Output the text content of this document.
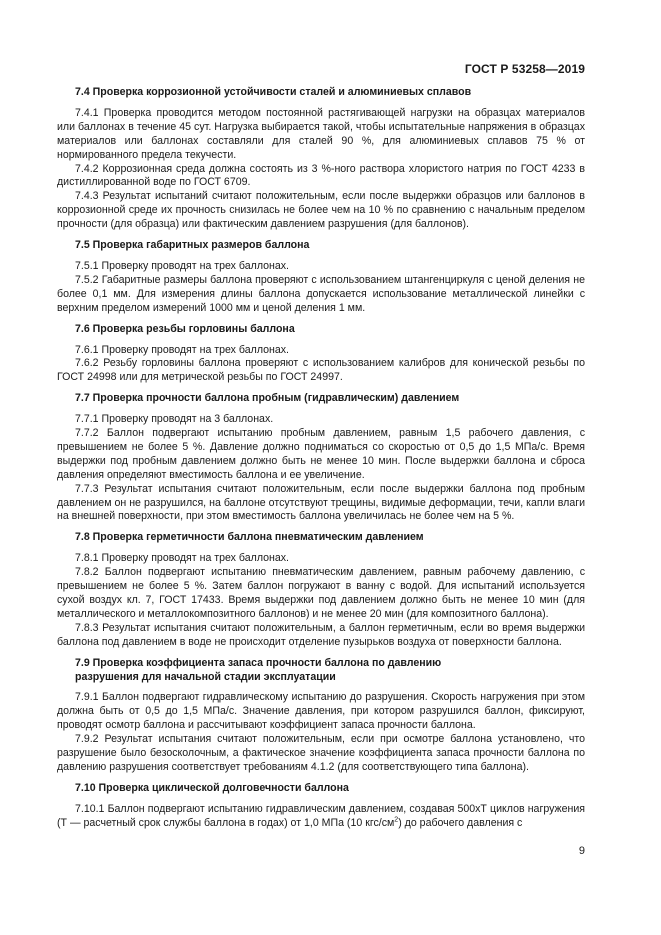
ГОСТ Р 53258—2019
7.4 Проверка коррозионной устойчивости сталей и алюминиевых сплавов

7.4.1 Проверка проводится методом постоянной растягивающей нагрузки на образцах материалов или баллонах в течение 45 сут. Нагрузка выбирается такой, чтобы испытательные напряжения в образцах материалов или баллонах составляли для сталей 90 %, для алюминиевых сплавов 75 % от нормированного предела текучести.

7.4.2 Коррозионная среда должна состоять из 3 %-ного раствора хлористого натрия по ГОСТ 4233 в дистиллированной воде по ГОСТ 6709.

7.4.3 Результат испытаний считают положительным, если после выдержки образцов или баллонов в коррозионной среде их прочность снизилась не более чем на 10 % по сравнению с начальным пределом прочности (для образца) или фактическим давлением разрушения (для баллонов).

7.5 Проверка габаритных размеров баллона

7.5.1 Проверку проводят на трех баллонах.

7.5.2 Габаритные размеры баллона проверяют с использованием штангенциркуля с ценой деления не более 0,1 мм. Для измерения длины баллона допускается использование металлической линейки с верхним пределом измерений 1000 мм и ценой деления 1 мм.

7.6 Проверка резьбы горловины баллона

7.6.1 Проверку проводят на трех баллонах.

7.6.2 Резьбу горловины баллона проверяют с использованием калибров для конической резьбы по ГОСТ 24998 или для метрической резьбы по ГОСТ 24997.

7.7 Проверка прочности баллона пробным (гидравлическим) давлением

7.7.1 Проверку проводят на 3 баллонах.

7.7.2 Баллон подвергают испытанию пробным давлением, равным 1,5 рабочего давления, с превышением не более 5 %. Давление должно подниматься со скоростью от 0,5 до 1,5 МПа/с. Время выдержки под пробным давлением должно быть не менее 10 мин. После выдержки баллона и сброса давления определяют вместимость баллона и ее увеличение.

7.7.3 Результат испытания считают положительным, если после выдержки баллона под пробным давлением он не разрушился, на баллоне отсутствуют трещины, видимые деформации, течи, капли влаги на внешней поверхности, при этом вместимость баллона увеличилась не более чем на 5 %.

7.8 Проверка герметичности баллона пневматическим давлением

7.8.1 Проверку проводят на трех баллонах.

7.8.2 Баллон подвергают испытанию пневматическим давлением, равным рабочему давлению, с превышением не более 5 %. Затем баллон погружают в ванну с водой. Для испытаний используется сухой воздух кл. 7, ГОСТ 17433. Время выдержки под давлением должно быть не менее 10 мин (для металлического и металлокомпозитного баллонов) и не менее 20 мин (для композитного баллона).

7.8.3 Результат испытания считают положительным, а баллон герметичным, если во время выдержки баллона под давлением в воде не происходит отделение пузырьков воздуха от поверхности баллона.

7.9 Проверка коэффициента запаса прочности баллона по давлению разрушения для начальной стадии эксплуатации

7.9.1 Баллон подвергают гидравлическому испытанию до разрушения. Скорость нагружения при этом должна быть от 0,5 до 1,5 МПа/с. Значение давления, при котором разрушился баллон, фиксируют, проводят осмотр баллона и рассчитывают коэффициент запаса прочности баллона.

7.9.2 Результат испытания считают положительным, если при осмотре баллона установлено, что разрушение было безосколочным, а фактическое значение коэффициента запаса прочности баллона по давлению разрушения соответствует требованиям 4.1.2 (для соответствующего типа баллона).

7.10 Проверка циклической долговечности баллона

7.10.1 Баллон подвергают испытанию гидравлическим давлением, создавая 500хТ циклов нагружения (Т — расчетный срок службы баллона в годах) от 1,0 МПа (10 кгс/$см^2$) до рабочего давления с

9
